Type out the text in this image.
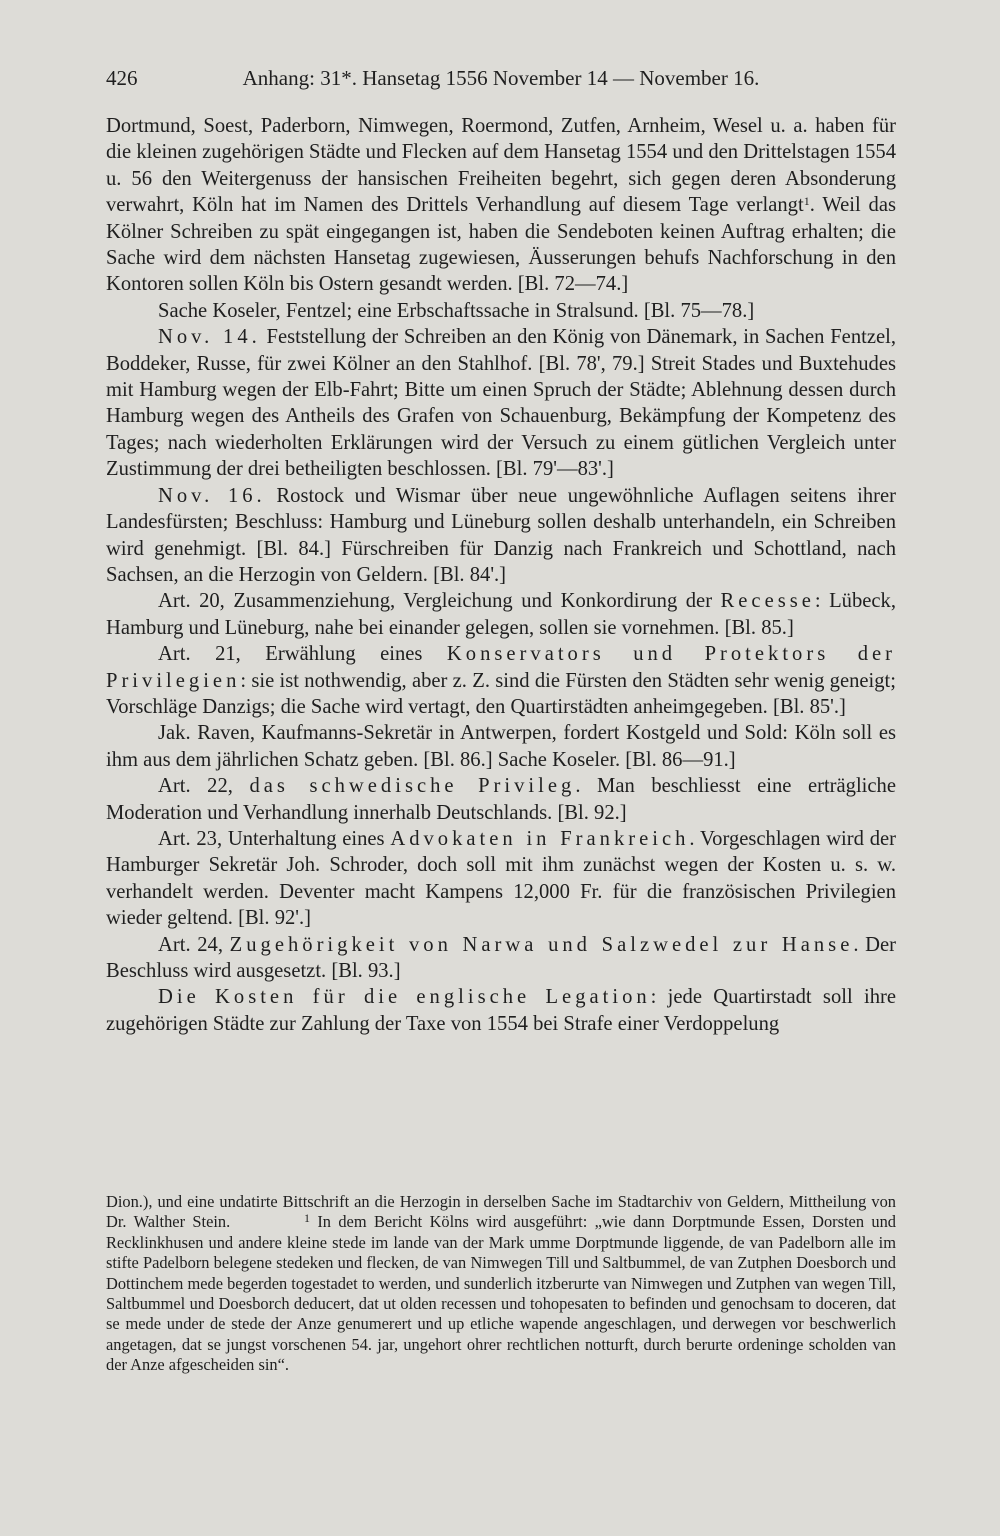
426	Anhang: 31*. Hansetag 1556 November 14 — November 16.

Dortmund, Soest, Paderborn, Nimwegen, Roermond, Zutfen, Arnheim, Wesel u. a. haben für die kleinen zugehörigen Städte und Flecken auf dem Hansetag 1554 und den Drittelstagen 1554 u. 56 den Weitergenuss der hansischen Freiheiten begehrt, sich gegen deren Absonderung verwahrt, Köln hat im Namen des Drittels Verhandlung auf diesem Tage verlangt$^1$. Weil das Kölner Schreiben zu spät eingegangen ist, haben die Sendeboten keinen Auftrag erhalten; die Sache wird dem nächsten Hansetag zugewiesen, Äusserungen behufs Nachforschung in den Kontoren sollen Köln bis Ostern gesandt werden. [Bl. 72—74.]

Sache Koseler, Fentzel; eine Erbschaftssache in Stralsund. [Bl. 75—78.]

Nov. 14. Feststellung der Schreiben an den König von Dänemark, in Sachen Fentzel, Boddeker, Russe, für zwei Kölner an den Stahlhof. [Bl. 78', 79.] Streit Stades und Buxtehudes mit Hamburg wegen der Elb-Fahrt; Bitte um einen Spruch der Städte; Ablehnung dessen durch Hamburg wegen des Antheils des Grafen von Schauenburg, Bekämpfung der Kompetenz des Tages; nach wiederholten Erklärungen wird der Versuch zu einem gütlichen Vergleich unter Zustimmung der drei betheiligten beschlossen. [Bl. 79'—83'.]

Nov. 16. Rostock und Wismar über neue ungewöhnliche Auflagen seitens ihrer Landesfürsten; Beschluss: Hamburg und Lüneburg sollen deshalb unterhandeln, ein Schreiben wird genehmigt. [Bl. 84.] Fürschreiben für Danzig nach Frankreich und Schottland, nach Sachsen, an die Herzogin von Geldern. [Bl. 84'.]

Art. 20, Zusammenziehung, Vergleichung und Konkordirung der Recesse: Lübeck, Hamburg und Lüneburg, nahe bei einander gelegen, sollen sie vornehmen. [Bl. 85.]

Art. 21, Erwählung eines Konservators und Protektors der Privilegien: sie ist nothwendig, aber z. Z. sind die Fürsten den Städten sehr wenig geneigt; Vorschläge Danzigs; die Sache wird vertagt, den Quartirstädten anheimgegeben. [Bl. 85'.]

Jak. Raven, Kaufmanns-Sekretär in Antwerpen, fordert Kostgeld und Sold: Köln soll es ihm aus dem jährlichen Schatz geben. [Bl. 86.] Sache Koseler. [Bl. 86—91.]

Art. 22, das schwedische Privileg. Man beschliesst eine erträgliche Moderation und Verhandlung innerhalb Deutschlands. [Bl. 92.]

Art. 23, Unterhaltung eines Advokaten in Frankreich. Vorgeschlagen wird der Hamburger Sekretär Joh. Schroder, doch soll mit ihm zunächst wegen der Kosten u. s. w. verhandelt werden. Deventer macht Kampens 12,000 Fr. für die französischen Privilegien wieder geltend. [Bl. 92'.]

Art. 24, Zugehörigkeit von Narwa und Salzwedel zur Hanse. Der Beschluss wird ausgesetzt. [Bl. 93.]

Die Kosten für die englische Legation: jede Quartirstadt soll ihre zugehörigen Städte zur Zahlung der Taxe von 1554 bei Strafe einer Verdoppelung

Dion.), und eine undatirte Bittschrift an die Herzogin in derselben Sache im Stadtarchiv von Geldern, Mittheilung von Dr. Walther Stein.	$^1$ In dem Bericht Kölns wird ausgeführt: „wie dann Dorptmunde Essen, Dorsten und Recklinkhusen und andere kleine stede im lande van der Mark umme Dorptmunde liggende, de van Padelborn alle im stifte Padelborn belegene stedeken und flecken, de van Nimwegen Till und Saltbummel, de van Zutphen Doesborch und Dottinchem mede begerden togestadet to werden, und sunderlich itzberurte van Nimwegen und Zutphen van wegen Till, Saltbummel und Doesborch deducert, dat ut olden recessen und tohopesaten to befinden und genochsam to doceren, dat se mede under de stede der Anze genumerert und up etliche wapende angeschlagen, und derwegen vor beschwerlich angetagen, dat se jungst vorschenen 54. jar, ungehort ohrer rechtlichen notturft, durch berurte ordeninge scholden van der Anze afgescheiden sin“.
